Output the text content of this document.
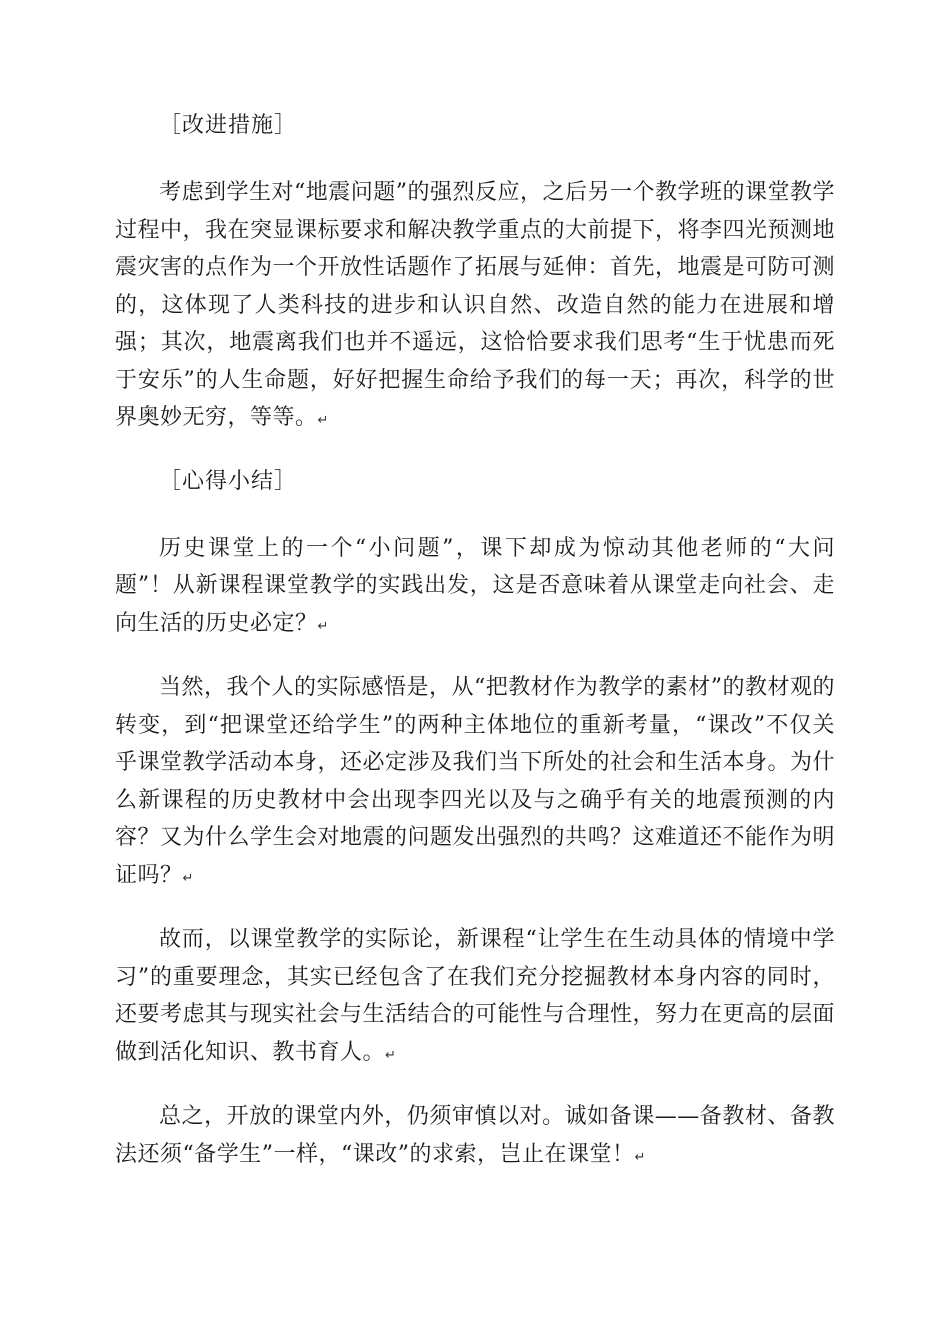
［改进措施］

考虑到学生对“地震问题”的强烈反应，之后另一个教学班的课堂教学过程中，我在突显课标要求和解决教学重点的大前提下，将李四光预测地震灾害的点作为一个开放性话题作了拓展与延伸：首先，地震是可防可测的，这体现了人类科技的进步和认识自然、改造自然的能力在进展和增强；其次，地震离我们也并不遥远，这恰恰要求我们思考“生于忧患而死于安乐”的人生命题，好好把握生命给予我们的每一天；再次，科学的世界奥妙无穷，等等。↵

［心得小结］

历史课堂上的一个“小问题”，课下却成为惊动其他老师的“大问题”！从新课程课堂教学的实践出发，这是否意味着从课堂走向社会、走向生活的历史必定？↵

当然，我个人的实际感悟是，从“把教材作为教学的素材”的教材观的转变，到“把课堂还给学生”的两种主体地位的重新考量，“课改”不仅关乎课堂教学活动本身，还必定涉及我们当下所处的社会和生活本身。为什么新课程的历史教材中会出现李四光以及与之确乎有关的地震预测的内容？又为什么学生会对地震的问题发出强烈的共鸣？这难道还不能作为明证吗？↵

故而，以课堂教学的实际论，新课程“让学生在生动具体的情境中学习”的重要理念，其实已经包含了在我们充分挖掘教材本身内容的同时，还要考虑其与现实社会与生活结合的可能性与合理性，努力在更高的层面做到活化知识、教书育人。↵

总之，开放的课堂内外，仍须审慎以对。诚如备课——备教材、备教法还须“备学生”一样，“课改”的求索，岂止在课堂！↵
